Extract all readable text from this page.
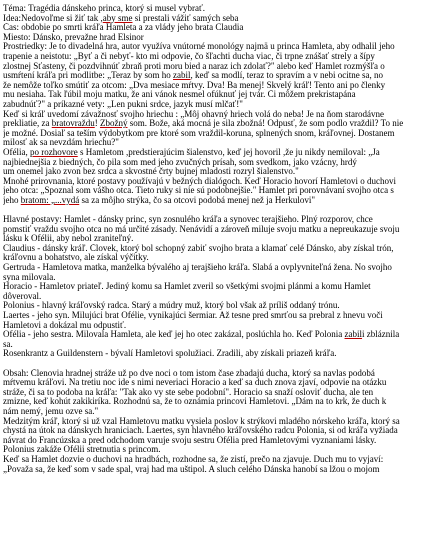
Téma: Tragédia dánskeho princa, ktorý si musel vybrať.
Idea:Nedovoľme si žiť tak ,aby sme si prestali vážiť samých seba
Čas: obdobie po smrti kráľa Hamleta a za vlády jeho brata Claudia
Miesto: Dánsko, prevažne hrad Elsinor
Prostriedky: Je to divadelná hra, autor využíva vnútorné monológy najmä u princa Hamleta, aby odhalil jeho
trapenie a neistotu: „Byť a či nebyť- kto mi odpovie, čo šľachti ducha viac, či trpne znášať strely a šípy
zlostnej Šťasteny, či pozdvihnúť zbraň proti moru bied a naraz ich zdolať?" alebo keď Hamlet rozmýšľa o
usmŕtení kráľa pri modlitbe: „Teraz by som ho zabil, keď sa modlí, teraz to spravím a v nebi ocitne sa, no
že nemôže toľko smútiť za otcom: „Dva mesiace mŕtvy. Dva! Ba menej! Skvelý kráľ! Tento ani po členky
mu nesiaha. Tak ľúbil moju matku, že ani vánok nesmel ofúknuť jej tvár. Či môžem prekristapána
zabudnúť?" a príkazné vety: „Len pukni srdce, jazyk musí mlčať!"
Keď si kráľ uvedomí závažnosť svojho hriechu : „Môj ohavný hriech volá do neba! Je na ňom starodávne
prekliatie, za bratovraždu! Zbožný som. Bože, aká mocná je sila zbožná! Odpusť, že som podlo vraždil? To nie
je možné. Dosiaľ sa teším výdobytkom pre ktoré som vraždil-koruna, splnených snom, kráľovnej. Dostanem
milosť ak sa nevzdám hriechu?"
Ofélia, po rozhovore s Hamletom ,predstierajúcim šialenstvo, keď jej hovoril ,že ju nikdy nemiloval: „Ja
najbiednejšia z biedných, čo pila som med jeho zvučných prísah, som svedkom, jako vzácny, hrdý
um onemel jako zvon bez srdca a skvostné črty bujnej mladosti rozryl šialenstvo."
Mnohé prirovnania, ktoré postavy používajú v bežných dialógoch. Keď Horacio hovorí Hamletovi o duchovi
jeho otca: „Spoznal som vášho otca. Tieto ruky si nie sú podobnejšie." Hamlet pri porovnávaní svojho otca s
jeho bratom: „...vydá sa za môjho strýka, čo sa otcovi podobá menej než ja Herkulovi"
Hlavné postavy: Hamlet - dánsky princ, syn zosnulého kráľa a synovec terajšieho. Plný rozporov, chce
pomstiť vraždu svojho otca no má určité zásady. Nenávidí a zároveň miluje svoju matku a nepreukazuje svoju
lásku k Ofélii, aby nebol zraniteľný.
Claudius - dánsky kráľ. Človek, ktorý bol schopný zabiť svojho brata a klamať celé Dánsko, aby získal trón,
kráľovnu a bohatstvo, ale získal výčitky.
Gertruda - Hamletova matka, manželka bývalého aj terajšieho kráľa. Slabá a ovplyvniteľná žena. No svojho
syna milovala.
Horacio - Hamletov priateľ. Jediný komu sa Hamlet zveril so všetkými svojmi plánmi a komu Hamlet
dôveroval.
Polonius - hlavný kráľovský radca. Starý a múdry muž, ktorý bol však až príliš oddaný trónu.
Laertes - jeho syn. Milujúci brat Ofélie, vynikajúci šermiar. Až tesne pred smrťou sa prebral z hnevu voči
Hamletovi a dokázal mu odpustiť.
Ofélia - jeho sestra. Milovala Hamleta, ale keď jej ho otec zakázal, poslúchla ho. Keď Polonia zabili zbláznila
sa.
Rosenkrantz a Guildenstern - bývalí Hamletovi spolužiaci. Zradili, aby získali priazeň kráľa.
Obsah: Členovia hradnej stráže už po dve noci o tom istom čase zbadajú ducha, ktorý sa navlas podobá
mŕtvemu kráľovi. Na tretiu noc ide s nimi neveriaci Horacio a keď sa duch znova zjaví, odpovie na otázku
stráže, či sa to podoba na kráľa: "Tak ako vy ste sebe podobní". Horacio sa snaží osloviť ducha, ale ten
zmizne, keď kohút zakikiríka. Rozhodnú sa, že to oznámia princovi Hamletovi. „Dám na to krk, že duch k
nám nemý, jemu ozve sa."
Medzitým kráľ, ktorý si už vzal Hamletovu matku vysiela poslov k strýkovi mladého nórskeho kráľa, ktorý sa
chystá na útok na dánskych hraniciach. Laertes, syn hlavného kráľovského radcu Polonia, si od kráľa vyžiada
návrat do Francúzska a pred odchodom varuje svoju sestru Ofélia pred Hamletovými vyznaniami lásky.
Polonius zakáže Ofélii stretnutia s princom.
Keď sa Hamlet dozvie o duchovi na hradbách, rozhodne sa, že zistí, prečo na zjavuje. Duch mu to vyjaví:
„Považa sa, že keď som v sade spal, vraj had ma uštipol. A sluch celého Dánska hanobí sa lžou o mojom
